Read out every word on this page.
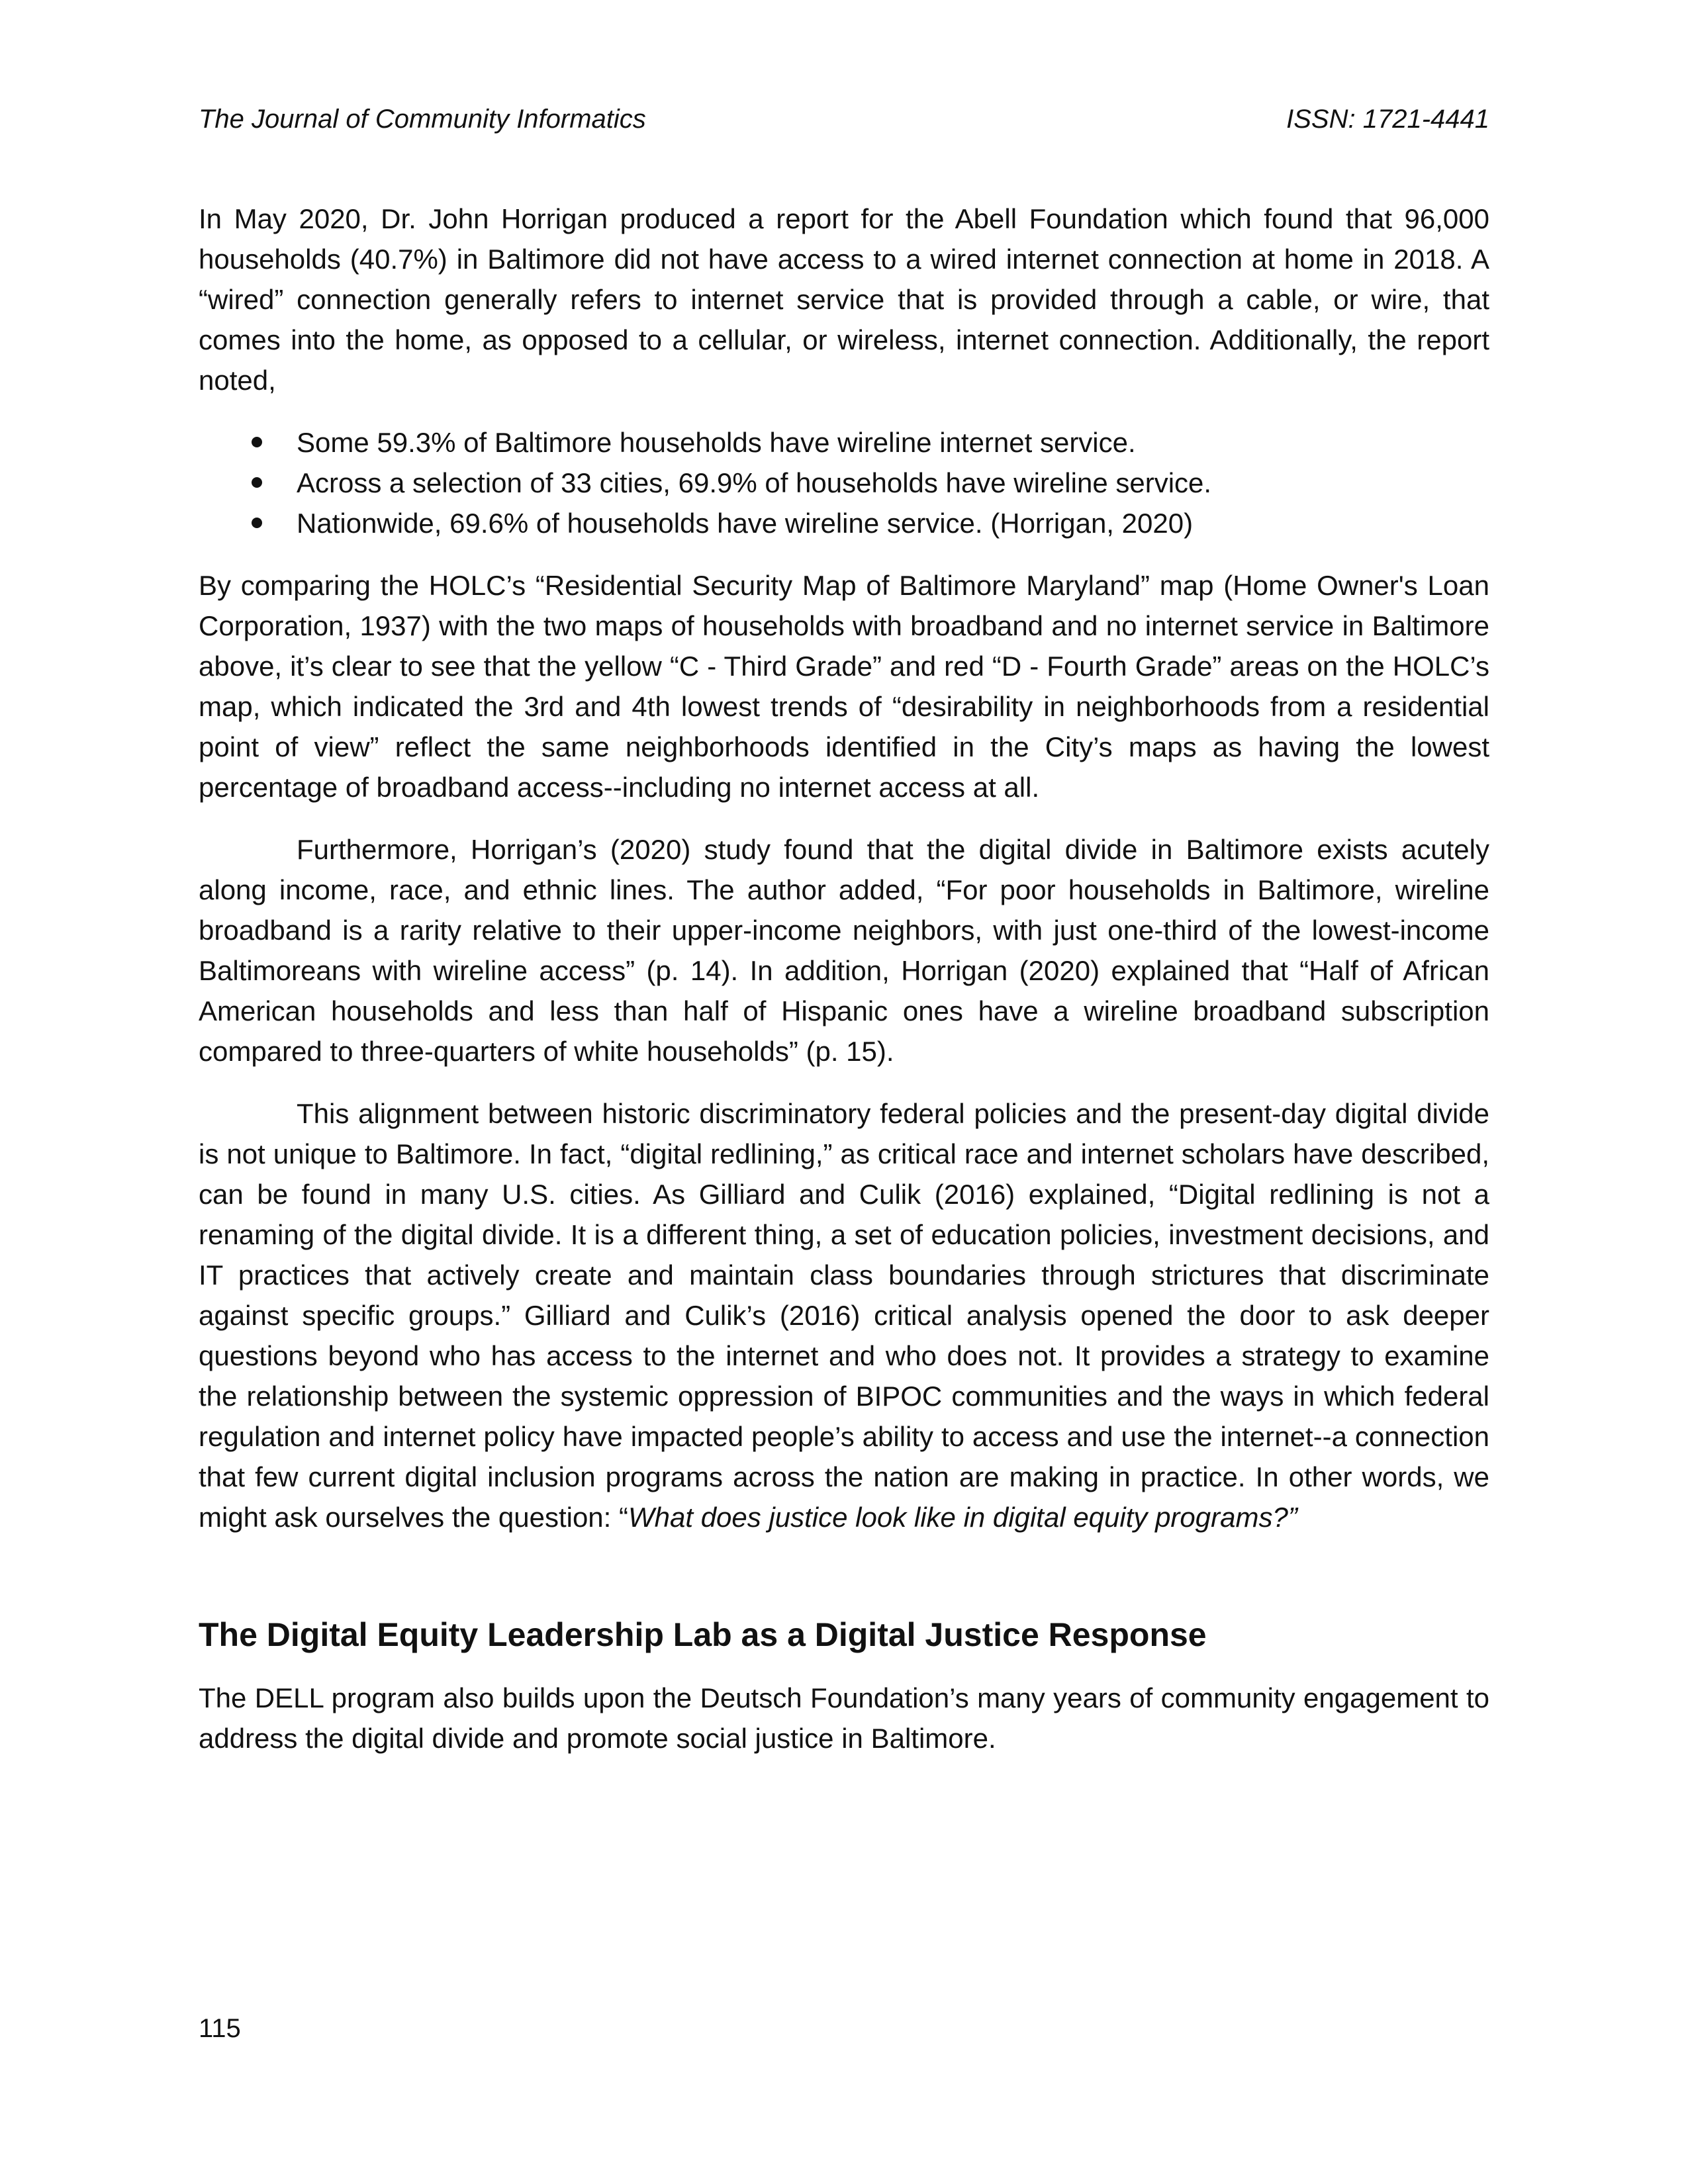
The Journal of Community Informatics	ISSN: 1721-4441

In May 2020, Dr. John Horrigan produced a report for the Abell Foundation which found that 96,000 households (40.7%) in Baltimore did not have access to a wired internet connection at home in 2018. A “wired” connection generally refers to internet service that is provided through a cable, or wire, that comes into the home, as opposed to a cellular, or wireless, internet connection. Additionally, the report noted,

Some 59.3% of Baltimore households have wireline internet service.
Across a selection of 33 cities, 69.9% of households have wireline service.
Nationwide, 69.6% of households have wireline service. (Horrigan, 2020)

By comparing the HOLC’s “Residential Security Map of Baltimore Maryland” map (Home Owner's Loan Corporation, 1937) with the two maps of households with broadband and no internet service in Baltimore above, it’s clear to see that the yellow “C - Third Grade” and red “D - Fourth Grade” areas on the HOLC’s map, which indicated the 3rd and 4th lowest trends of “desirability in neighborhoods from a residential point of view” reflect the same neighborhoods identified in the City’s maps as having the lowest percentage of broadband access--including no internet access at all.

Furthermore, Horrigan’s (2020) study found that the digital divide in Baltimore exists acutely along income, race, and ethnic lines. The author added, “For poor households in Baltimore, wireline broadband is a rarity relative to their upper-income neighbors, with just one-third of the lowest-income Baltimoreans with wireline access” (p. 14). In addition, Horrigan (2020) explained that “Half of African American households and less than half of Hispanic ones have a wireline broadband subscription compared to three-quarters of white households” (p. 15).

This alignment between historic discriminatory federal policies and the present-day digital divide is not unique to Baltimore. In fact, “digital redlining,” as critical race and internet scholars have described, can be found in many U.S. cities. As Gilliard and Culik (2016) explained, “Digital redlining is not a renaming of the digital divide. It is a different thing, a set of education policies, investment decisions, and IT practices that actively create and maintain class boundaries through strictures that discriminate against specific groups.” Gilliard and Culik’s (2016) critical analysis opened the door to ask deeper questions beyond who has access to the internet and who does not. It provides a strategy to examine the relationship between the systemic oppression of BIPOC communities and the ways in which federal regulation and internet policy have impacted people’s ability to access and use the internet--a connection that few current digital inclusion programs across the nation are making in practice. In other words, we might ask ourselves the question: “What does justice look like in digital equity programs?”

The Digital Equity Leadership Lab as a Digital Justice Response

The DELL program also builds upon the Deutsch Foundation’s many years of community engagement to address the digital divide and promote social justice in Baltimore.

115
